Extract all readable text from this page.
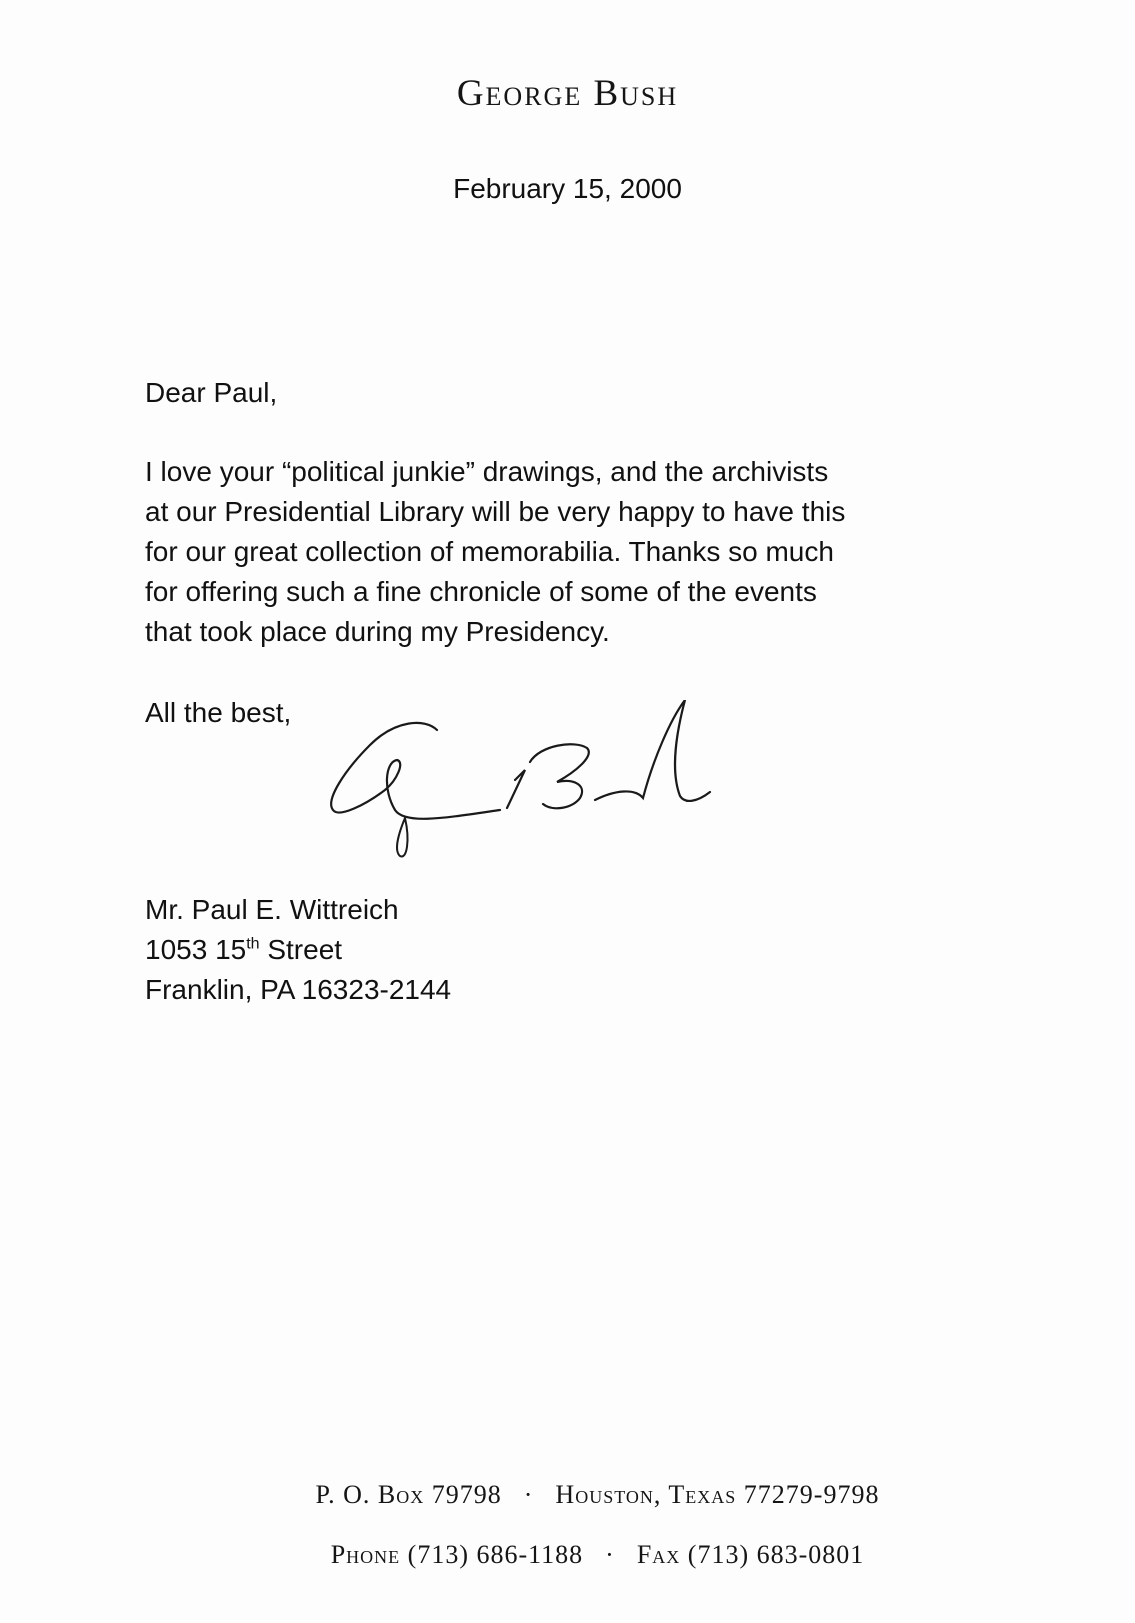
George Bush
February 15, 2000
Dear Paul,
I love your “political junkie” drawings, and the archivists
at our Presidential Library will be very happy to have this
for our great collection of memorabilia. Thanks so much
for offering such a fine chronicle of some of the events
that took place during my Presidency.
All the best,
Mr. Paul E. Wittreich
1053 15th Street
Franklin, PA 16323-2144
P. O. Box 79798 · Houston, Texas 77279-9798
Phone (713) 686-1188 · Fax (713) 683-0801
